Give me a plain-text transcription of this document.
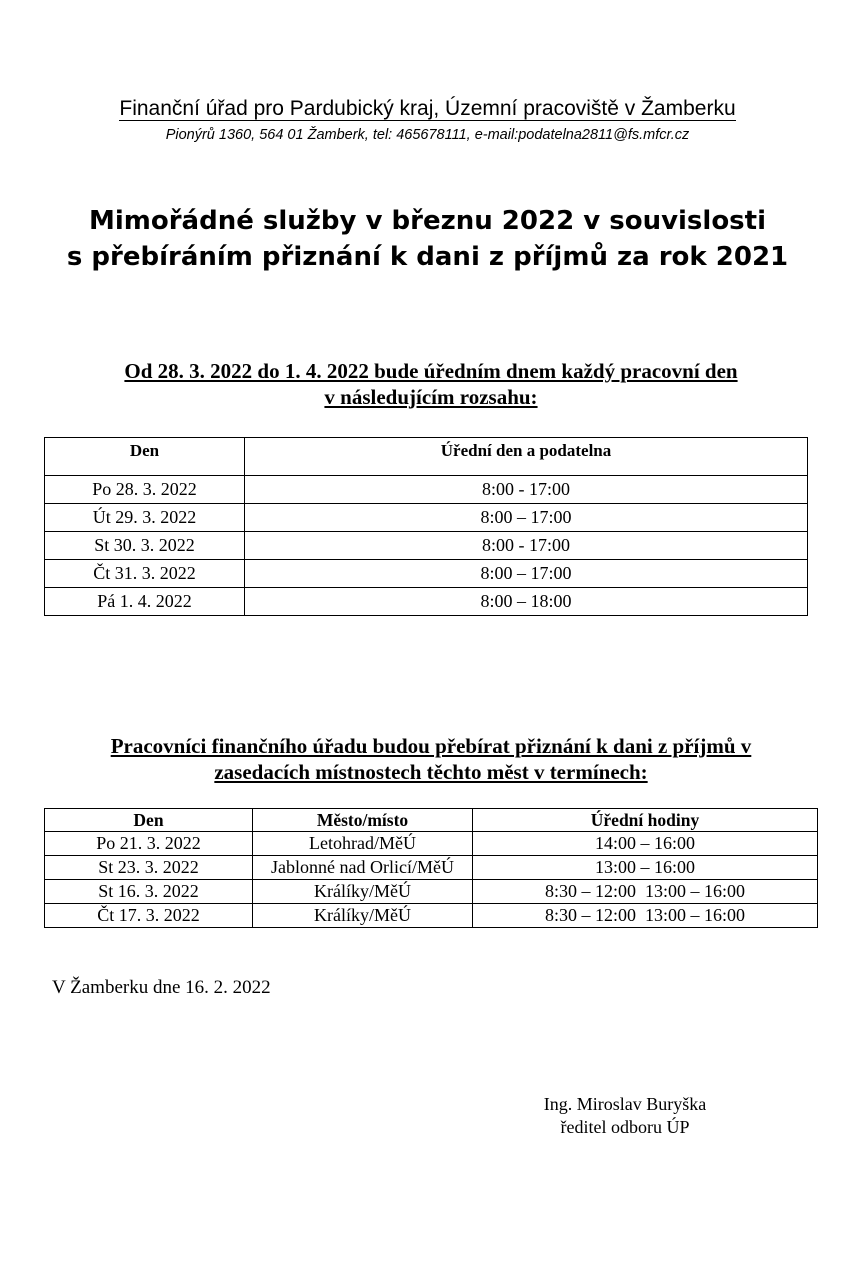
Finanční úřad pro Pardubický kraj, Územní pracoviště v Žamberku
Pionýrů 1360, 564 01 Žamberk, tel: 465678111, e-mail:podatelna2811@fs.mfcr.cz
Mimořádné služby v březnu 2022 v souvislosti
s přebíráním přiznání k dani z příjmů za rok 2021
Od 28. 3. 2022 do 1. 4. 2022 bude úředním dnem každý pracovní den
v následujícím rozsahu:
Den	Úřední den a podatelna
Po 28. 3. 2022	8:00 - 17:00
Út 29. 3. 2022	8:00 – 17:00
St 30. 3. 2022	8:00 - 17:00
Čt 31. 3. 2022	8:00 – 17:00
Pá 1. 4. 2022	8:00 – 18:00
Pracovníci finančního úřadu budou přebírat přiznání k dani z příjmů v
zasedacích místnostech těchto měst v termínech:
Den	Město/místo	Úřední hodiny
Po 21. 3. 2022	Letohrad/MěÚ	14:00 – 16:00
St 23. 3. 2022	Jablonné nad Orlicí/MěÚ	13:00 – 16:00
St 16. 3. 2022	Králíky/MěÚ	8:30 – 12:00  13:00 – 16:00
Čt 17. 3. 2022	Králíky/MěÚ	8:30 – 12:00  13:00 – 16:00
V Žamberku dne 16. 2. 2022
Ing. Miroslav Buryška
ředitel odboru ÚP
